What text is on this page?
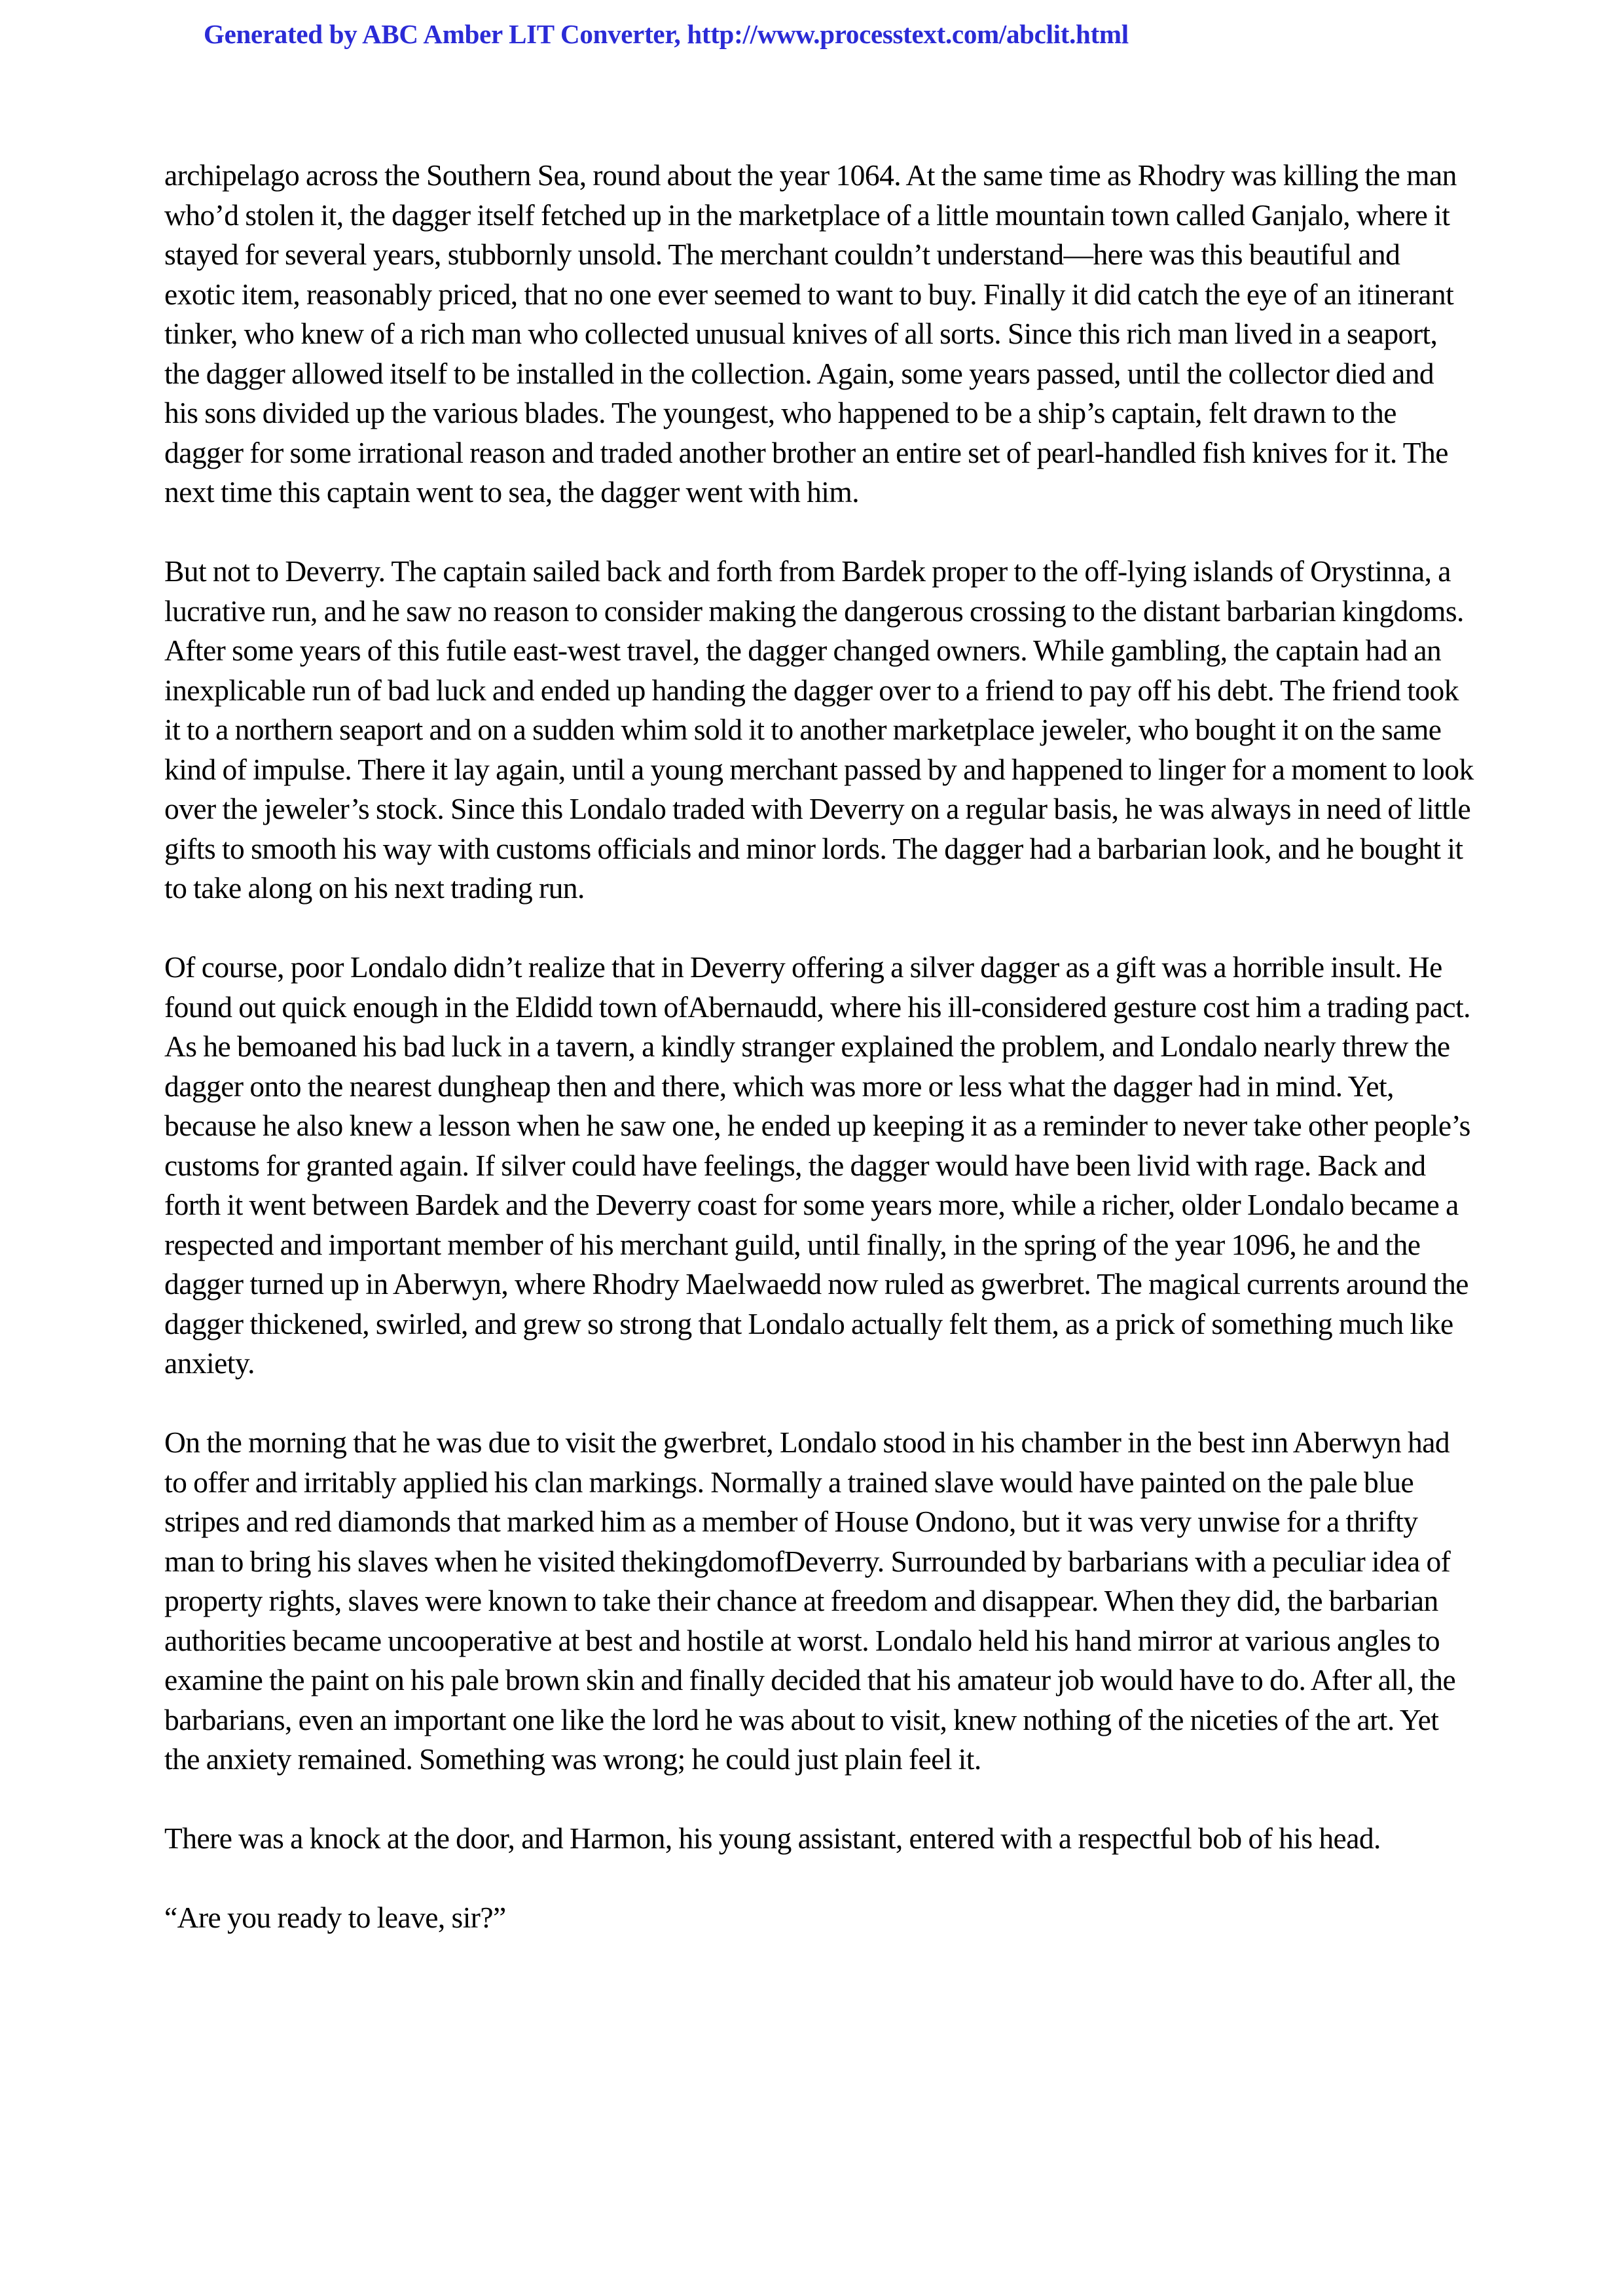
Generated by ABC Amber LIT Converter, http://www.processtext.com/abclit.html

archipelago across the Southern Sea, round about the year 1064. At the same time as Rhodry was killing the man who’d stolen it, the dagger itself fetched up in the marketplace of a little mountain town called Ganjalo, where it stayed for several years, stubbornly unsold. The merchant couldn’t understand—here was this beautiful and exotic item, reasonably priced, that no one ever seemed to want to buy. Finally it did catch the eye of an itinerant tinker, who knew of a rich man who collected unusual knives of all sorts. Since this rich man lived in a seaport, the dagger allowed itself to be installed in the collection. Again, some years passed, until the collector died and his sons divided up the various blades. The youngest, who happened to be a ship’s captain, felt drawn to the dagger for some irrational reason and traded another brother an entire set of pearl-handled fish knives for it. The next time this captain went to sea, the dagger went with him.

But not to Deverry. The captain sailed back and forth from Bardek proper to the off-lying islands of Orystinna, a lucrative run, and he saw no reason to consider making the dangerous crossing to the distant barbarian kingdoms. After some years of this futile east-west travel, the dagger changed owners. While gambling, the captain had an inexplicable run of bad luck and ended up handing the dagger over to a friend to pay off his debt. The friend took it to a northern seaport and on a sudden whim sold it to another marketplace jeweler, who bought it on the same kind of impulse. There it lay again, until a young merchant passed by and happened to linger for a moment to look over the jeweler’s stock. Since this Londalo traded with Deverry on a regular basis, he was always in need of little gifts to smooth his way with customs officials and minor lords. The dagger had a barbarian look, and he bought it to take along on his next trading run.

Of course, poor Londalo didn’t realize that in Deverry offering a silver dagger as a gift was a horrible insult. He found out quick enough in the Eldidd town ofAbernaudd, where his ill-considered gesture cost him a trading pact. As he bemoaned his bad luck in a tavern, a kindly stranger explained the problem, and Londalo nearly threw the dagger onto the nearest dungheap then and there, which was more or less what the dagger had in mind. Yet, because he also knew a lesson when he saw one, he ended up keeping it as a reminder to never take other people’s customs for granted again. If silver could have feelings, the dagger would have been livid with rage. Back and forth it went between Bardek and the Deverry coast for some years more, while a richer, older Londalo became a respected and important member of his merchant guild, until finally, in the spring of the year 1096, he and the dagger turned up in Aberwyn, where Rhodry Maelwaedd now ruled as gwerbret. The magical currents around the dagger thickened, swirled, and grew so strong that Londalo actually felt them, as a prick of something much like anxiety.

On the morning that he was due to visit the gwerbret, Londalo stood in his chamber in the best inn Aberwyn had to offer and irritably applied his clan markings. Normally a trained slave would have painted on the pale blue stripes and red diamonds that marked him as a member of House Ondono, but it was very unwise for a thrifty man to bring his slaves when he visited thekingdomofDeverry. Surrounded by barbarians with a peculiar idea of property rights, slaves were known to take their chance at freedom and disappear. When they did, the barbarian authorities became uncooperative at best and hostile at worst. Londalo held his hand mirror at various angles to examine the paint on his pale brown skin and finally decided that his amateur job would have to do. After all, the barbarians, even an important one like the lord he was about to visit, knew nothing of the niceties of the art. Yet the anxiety remained. Something was wrong; he could just plain feel it.

There was a knock at the door, and Harmon, his young assistant, entered with a respectful bob of his head.

“Are you ready to leave, sir?”
